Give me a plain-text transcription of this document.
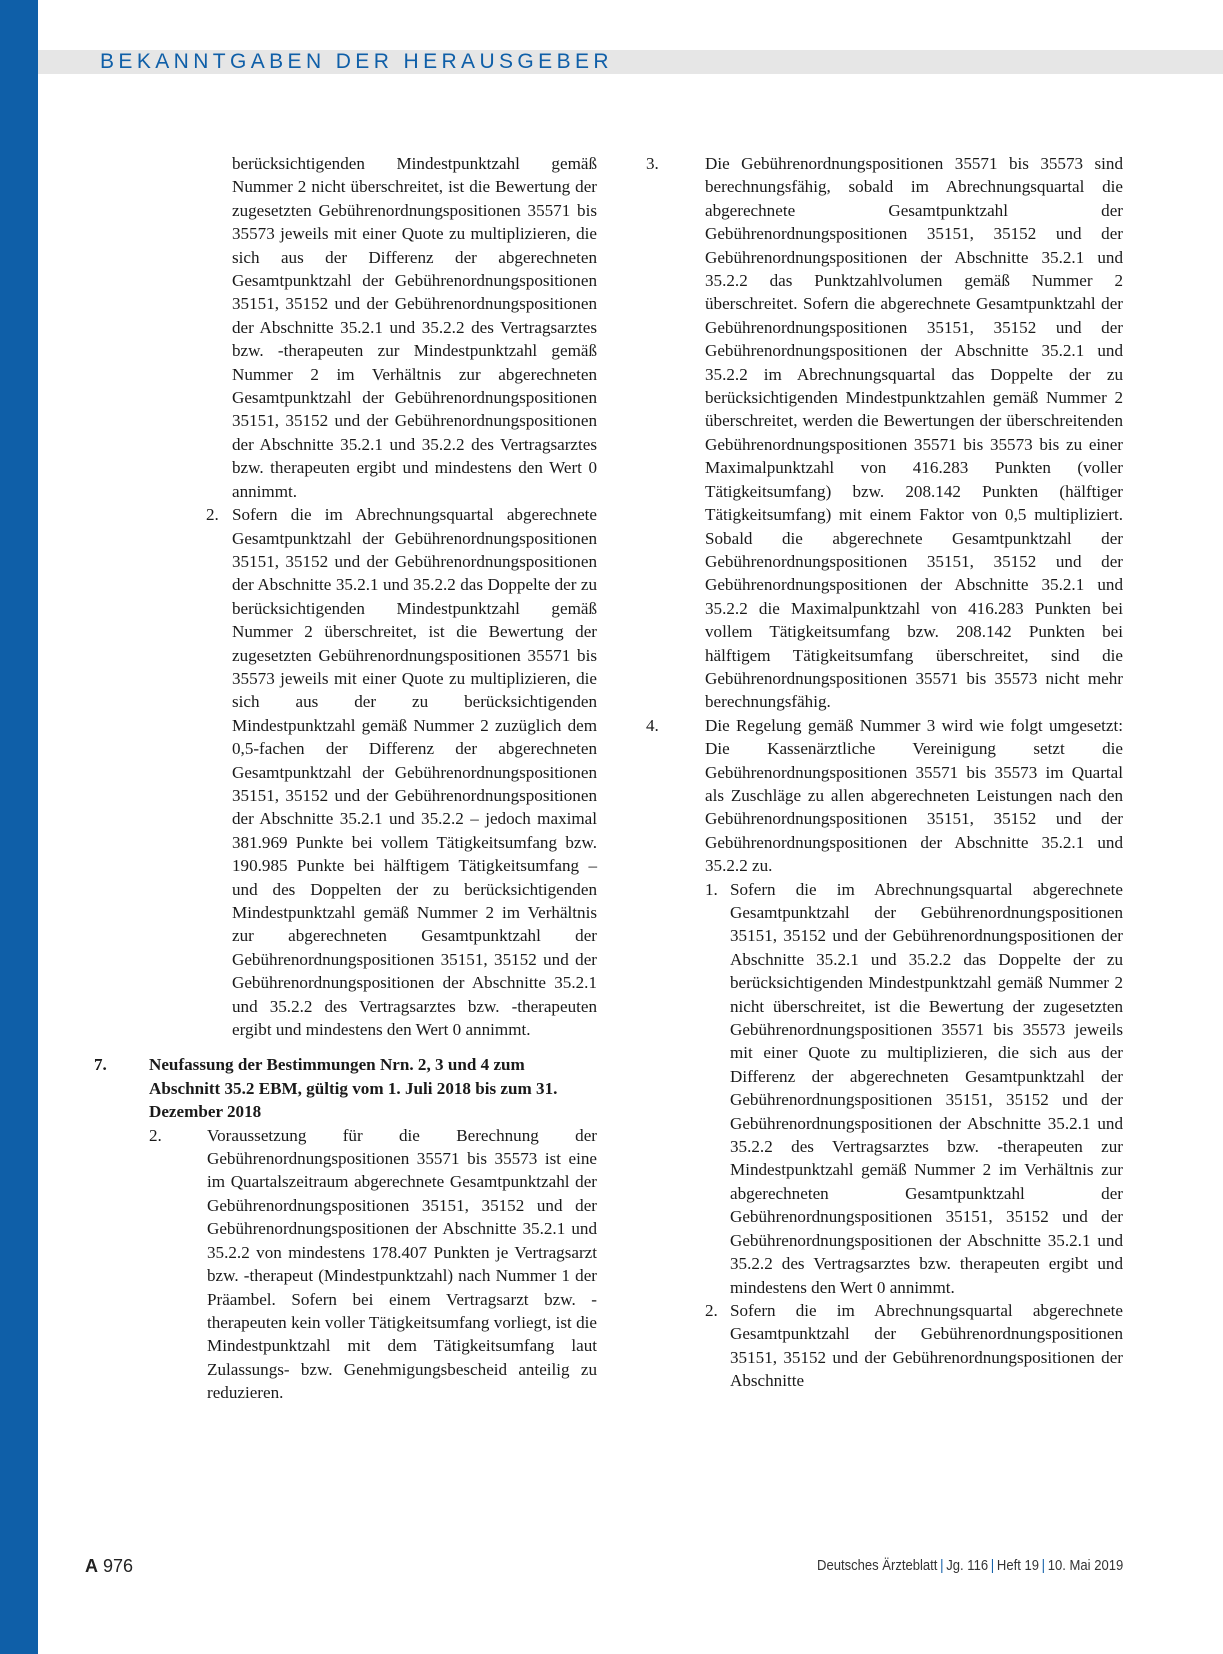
BEKANNTGABEN DER HERAUSGEBER

berücksichtigenden Mindestpunktzahl gemäß Nummer 2 nicht überschreitet, ist die Bewertung der zugesetzten Gebührenordnungspositionen 35571 bis 35573 jeweils mit einer Quote zu multiplizieren, die sich aus der Differenz der abgerechneten Gesamtpunktzahl der Gebührenordnungspositionen 35151, 35152 und der Gebührenordnungspositionen der Abschnitte 35.2.1 und 35.2.2 des Vertragsarztes bzw. -therapeuten zur Mindestpunktzahl gemäß Nummer 2 im Verhältnis zur abgerechneten Gesamtpunktzahl der Gebührenordnungspositionen 35151, 35152 und der Gebührenordnungspositionen der Abschnitte 35.2.1 und 35.2.2 des Vertragsarztes bzw. therapeuten ergibt und mindestens den Wert 0 annimmt.

2. Sofern die im Abrechnungsquartal abgerechnete Gesamtpunktzahl der Gebührenordnungspositionen 35151, 35152 und der Gebührenordnungspositionen der Abschnitte 35.2.1 und 35.2.2 das Doppelte der zu berücksichtigenden Mindestpunktzahl gemäß Nummer 2 überschreitet, ist die Bewertung der zugesetzten Gebührenordnungspositionen 35571 bis 35573 jeweils mit einer Quote zu multiplizieren, die sich aus der zu berücksichtigenden Mindestpunktzahl gemäß Nummer 2 zuzüglich dem 0,5-fachen der Differenz der abgerechneten Gesamtpunktzahl der Gebührenordnungspositionen 35151, 35152 und der Gebührenordnungspositionen der Abschnitte 35.2.1 und 35.2.2 – jedoch maximal 381.969 Punkte bei vollem Tätigkeitsumfang bzw. 190.985 Punkte bei hälftigem Tätigkeitsumfang – und des Doppelten der zu berücksichtigenden Mindestpunktzahl gemäß Nummer 2 im Verhältnis zur abgerechneten Gesamtpunktzahl der Gebührenordnungspositionen 35151, 35152 und der Gebührenordnungspositionen der Abschnitte 35.2.1 und 35.2.2 des Vertragsarztes bzw. -therapeuten ergibt und mindestens den Wert 0 annimmt.

7. Neufassung der Bestimmungen Nrn. 2, 3 und 4 zum Abschnitt 35.2 EBM, gültig vom 1. Juli 2018 bis zum 31. Dezember 2018

2.	Voraussetzung für die Berechnung der Gebührenordnungspositionen 35571 bis 35573 ist eine im Quartalszeitraum abgerechnete Gesamtpunktzahl der Gebührenordnungspositionen 35151, 35152 und der Gebührenordnungspositionen der Abschnitte 35.2.1 und 35.2.2 von mindestens 178.407 Punkten je Vertragsarzt bzw. -therapeut (Mindestpunktzahl) nach Nummer 1 der Präambel. Sofern bei einem Vertragsarzt bzw. -therapeuten kein voller Tätigkeitsumfang vorliegt, ist die Mindestpunktzahl mit dem Tätigkeitsumfang laut Zulassungs- bzw. Genehmigungsbescheid anteilig zu reduzieren.

3.	Die Gebührenordnungspositionen 35571 bis 35573 sind berechnungsfähig, sobald im Abrechnungsquartal die abgerechnete Gesamtpunktzahl der Gebührenordnungspositionen 35151, 35152 und der Gebührenordnungspositionen der Abschnitte 35.2.1 und 35.2.2 das Punktzahlvolumen gemäß Nummer 2 überschreitet. Sofern die abgerechnete Gesamtpunktzahl der Gebührenordnungspositionen 35151, 35152 und der Gebührenordnungspositionen der Abschnitte 35.2.1 und 35.2.2 im Abrechnungsquartal das Doppelte der zu berücksichtigenden Mindestpunktzahlen gemäß Nummer 2 überschreitet, werden die Bewertungen der überschreitenden Gebührenordnungspositionen 35571 bis 35573 bis zu einer Maximalpunktzahl von 416.283 Punkten (voller Tätigkeitsumfang) bzw. 208.142 Punkten (hälftiger Tätigkeitsumfang) mit einem Faktor von 0,5 multipliziert. Sobald die abgerechnete Gesamtpunktzahl der Gebührenordnungspositionen 35151, 35152 und der Gebührenordnungspositionen der Abschnitte 35.2.1 und 35.2.2 die Maximalpunktzahl von 416.283 Punkten bei vollem Tätigkeitsumfang bzw. 208.142 Punkten bei hälftigem Tätigkeitsumfang überschreitet, sind die Gebührenordnungspositionen 35571 bis 35573 nicht mehr berechnungsfähig.

4.	Die Regelung gemäß Nummer 3 wird wie folgt umgesetzt: Die Kassenärztliche Vereinigung setzt die Gebührenordnungspositionen 35571 bis 35573 im Quartal als Zuschläge zu allen abgerechneten Leistungen nach den Gebührenordnungspositionen 35151, 35152 und der Gebührenordnungspositionen der Abschnitte 35.2.1 und 35.2.2 zu.

1. Sofern die im Abrechnungsquartal abgerechnete Gesamtpunktzahl der Gebührenordnungspositionen 35151, 35152 und der Gebührenordnungspositionen der Abschnitte 35.2.1 und 35.2.2 das Doppelte der zu berücksichtigenden Mindestpunktzahl gemäß Nummer 2 nicht überschreitet, ist die Bewertung der zugesetzten Gebührenordnungspositionen 35571 bis 35573 jeweils mit einer Quote zu multiplizieren, die sich aus der Differenz der abgerechneten Gesamtpunktzahl der Gebührenordnungspositionen 35151, 35152 und der Gebührenordnungspositionen der Abschnitte 35.2.1 und 35.2.2 des Vertragsarztes bzw. -therapeuten zur Mindestpunktzahl gemäß Nummer 2 im Verhältnis zur abgerechneten Gesamtpunktzahl der Gebührenordnungspositionen 35151, 35152 und der Gebührenordnungspositionen der Abschnitte 35.2.1 und 35.2.2 des Vertragsarztes bzw. therapeuten ergibt und mindestens den Wert 0 annimmt.

2. Sofern die im Abrechnungsquartal abgerechnete Gesamtpunktzahl der Gebührenordnungspositionen 35151, 35152 und der Gebührenordnungspositionen der Abschnitte

A 976	Deutsches Ärzteblatt | Jg. 116 | Heft 19 | 10. Mai 2019
